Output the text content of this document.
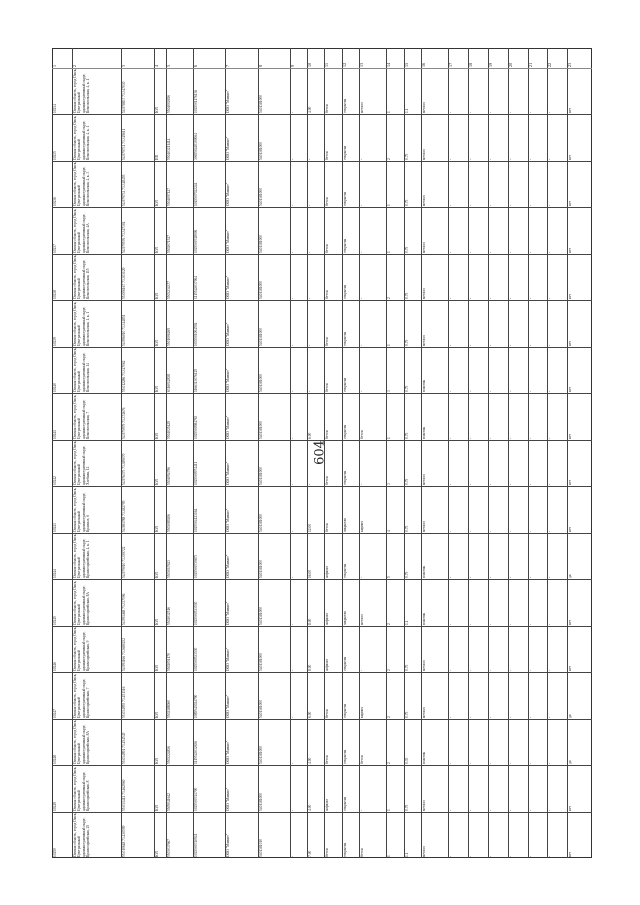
604
1	2	3	4 5	6	7	8	9	10	11	12	13	14	15	16	17	18	19	20	21	22	23
10234	Омская область, город Омск, Центральный административный округ, Комсомольская, 4, к. 1	54.978837 73.347030	ЮЛ 5504002656	1025501176136	ООО "Магнит"	5401381000	-	4.00	бетон	открытая	металл	1	1.1	металл	-	-	-	-	-	-	нет
10235	Омская область, город Омск, Центральный административный округ, Комсомольская, 4, к. 1	54.979731 73.349611	ИП 550403211414	306550420300064	ООО "Магнит"	5401381000	-	-	бетон	открытая	-	2	0.75	металл	-	-	-	-	-	-	нет
10236	Омская область, город Омск, Центральный административный округ, Комсомольская, 4, к. 3	54.979732 73.348455	ЮЛ 5504097127	1045507022244	ООО "Магнит"	5401381000	-	-	бетон	открытая	-	1	0.75	металл	-	-	-	-	-	-	нет
10237	Омская область, город Омск, Центральный административный округ, Комсомольская, 4А	54.979576 73.347304	ЮЛ 5502071527	1025500748006	ООО "Магнит"	5401381000	-	-	бетон	открытая	-	1	0.75	металл	-	-	-	-	-	-	нет
10238	Омская область, город Омск, Центральный административный округ, Комсомольская, 115	55.006167 73.303129	ЮЛ 5503234377	1115543037064	ООО "Магнит"	5401381000	-	-	бетон	открытая	-	2	0.75	металл	-	-	-	-	-	-	нет
10239	Омская область, город Омск, Центральный административный округ, Комсомольская, 1, к. 1	54.996010 73.344851	ЮЛ 5501006269	1035501004594	ООО "Магнит"	5401381000	-	-	бетон	открытая	-	1	0.75	металл	-	-	-	-	-	-	нет
10240	Омская область, город Омск, Центральный административный округ, Комсомольская, 14	55.012286 73.347062	ЮЛ 6316012838	1166313076125	ООО "Магнит"	5401381000	-	-	бетон	открытая	-	3	0.75	пластик	-	-	-	-	-	-	нет
10241	Омская область, город Омск, Центральный административный округ, Комсомольская, 7	54.975979 73.374676	ЮЛ 5504025429	1025500984763	ООО "Магнит"	5401381000	-	6.00	бетон	открытая	бетон	1	0.75	пластик	-	-	-	-	-	-	нет
10242	Омская область, город Омск, Центральный административный округ, Хлебная, 12	54.976375 73.389070	ЮЛ 5504094796	1025500974411	ООО "Магнит"	5401381000	-	-	бетон	открытая	-	3	0.75	металл	-	-	-	-	-	-	нет
10243	Омская область, город Омск, Центральный административный округ, Красных, 6	54.981788 73.382795	ЮЛ 5503089206	1025504123164	ООО "Магнит"	5401381000	-	12.00	бетон	закрытая	кирпич	4	0.75	металл	-	-	-	-	-	-	нет
10244	Омская область, город Омск, Центральный административный округ, Красноармейская, 4, к. 1	54.979010 73.359722	ЮЛ 5503017623	1025500739873	ООО "Магнит"	5401381000	-	16.00	асфальт	открытая	-	5	0.75	пластик	-	-	-	-	-	-	да
10245	Омская область, город Омск, Центральный административный округ, Красноармейская, 8А	54.991468 73.337596	ЮЛ 5502032516	1025500533530	ООО "Магнит"	5401381000	-	8.00	асфальт	закрытая	металл	2	1.1	пластик	-	-	-	-	-	-	нет
10246	Омская область, город Омск, Центральный административный округ, Красноармейская, 9	54.991166 73.3680232	ЮЛ 5502051170	1025500533530	ООО "Магнит"	5401381000	-	8.00	асфальт	открытая	-	2	0.75	металл	-	-	-	-	-	-	нет
10247	Омская область, город Омск, Центральный административный округ, Красноармейская, 7	55.034955 73.451316	ЮЛ 5502188060	1085543024790	ООО "Магнит"	5401381000	-	6.00	бетон	открытая	кирпич	2	0.75	металл	-	-	-	-	-	-	да
10248	Омская область, город Омск, Центральный административный округ, Красноармейская, 8А	55.034991 73.454545	ЮЛ 5503224836	1115543032636	ООО "Магнит"	5401381000	-	4.00	бетон	открытая	бетон	2	0.35	пластик	-	-	-	-	-	-	да
10249	Омская область, город Омск, Центральный административный округ, Красноармейская, 8	55.031412 73.462960	ЮЛ 5505041642	1025500741700	ООО "Магнит"	5401381000	-	4.00	асфальт	открытая	-	1	0.75	металл	-	-	-	-	-	-	нет
10250	Омская область, город Омск, Центральный административный округ, Красноармейская, 25	55.010648 73.430599	ЮЛ 5503037667	1025500740941	ООО "Магнит"	5401381010	-	7.00	бетон	открытая	бетон	1	1.1	металл	-	-	-	-	-	-	нет
